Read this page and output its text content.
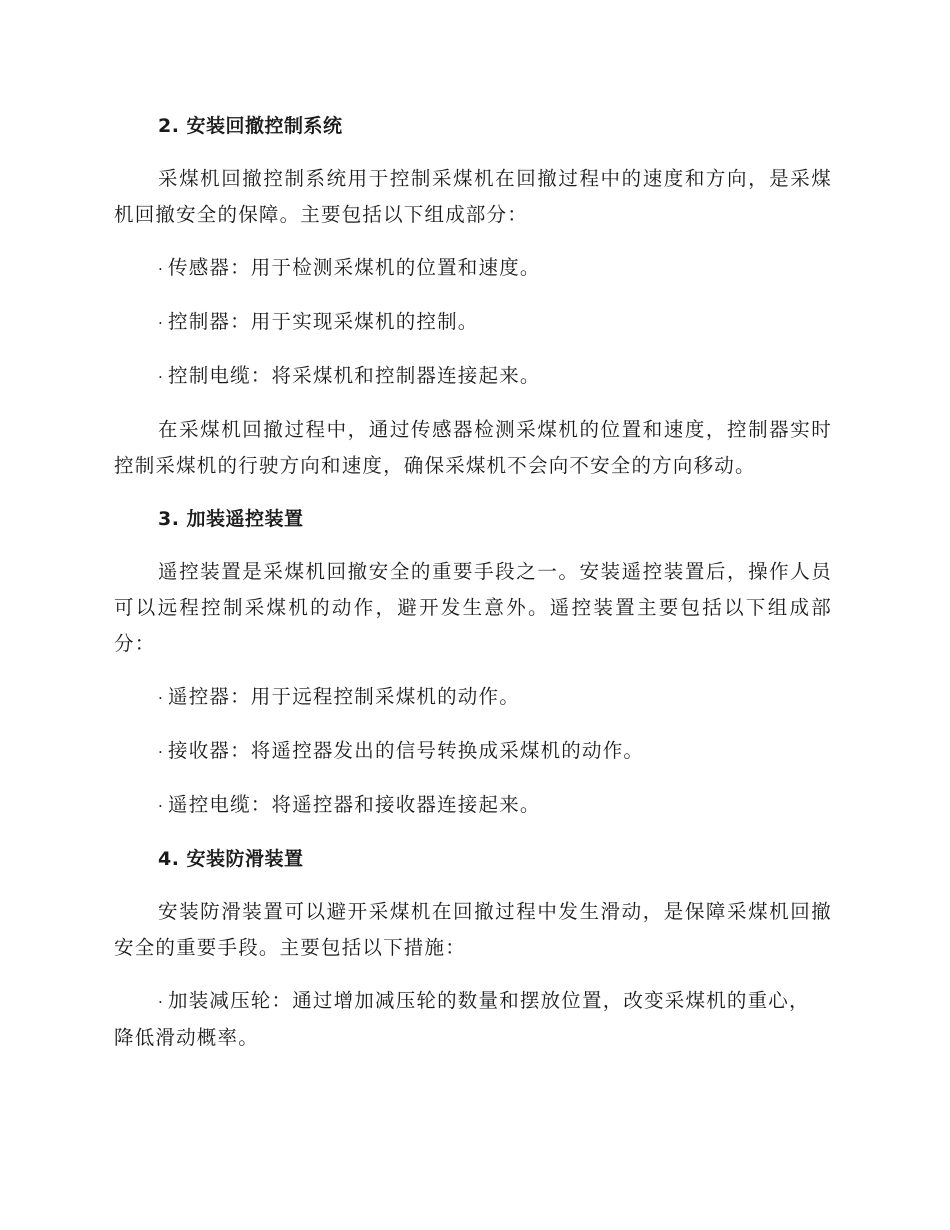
2. 安装回撤控制系统

采煤机回撤控制系统用于控制采煤机在回撤过程中的速度和方向，是采煤机回撤安全的保障。主要包括以下组成部分：

· 传感器：用于检测采煤机的位置和速度。

· 控制器：用于实现采煤机的控制。

· 控制电缆：将采煤机和控制器连接起来。

在采煤机回撤过程中，通过传感器检测采煤机的位置和速度，控制器实时控制采煤机的行驶方向和速度，确保采煤机不会向不安全的方向移动。

3. 加装遥控装置

遥控装置是采煤机回撤安全的重要手段之一。安装遥控装置后，操作人员可以远程控制采煤机的动作，避开发生意外。遥控装置主要包括以下组成部分：

· 遥控器：用于远程控制采煤机的动作。

· 接收器：将遥控器发出的信号转换成采煤机的动作。

· 遥控电缆：将遥控器和接收器连接起来。

4. 安装防滑装置

安装防滑装置可以避开采煤机在回撤过程中发生滑动，是保障采煤机回撤安全的重要手段。主要包括以下措施：

· 加装减压轮：通过增加减压轮的数量和摆放位置，改变采煤机的重心，降低滑动概率。
